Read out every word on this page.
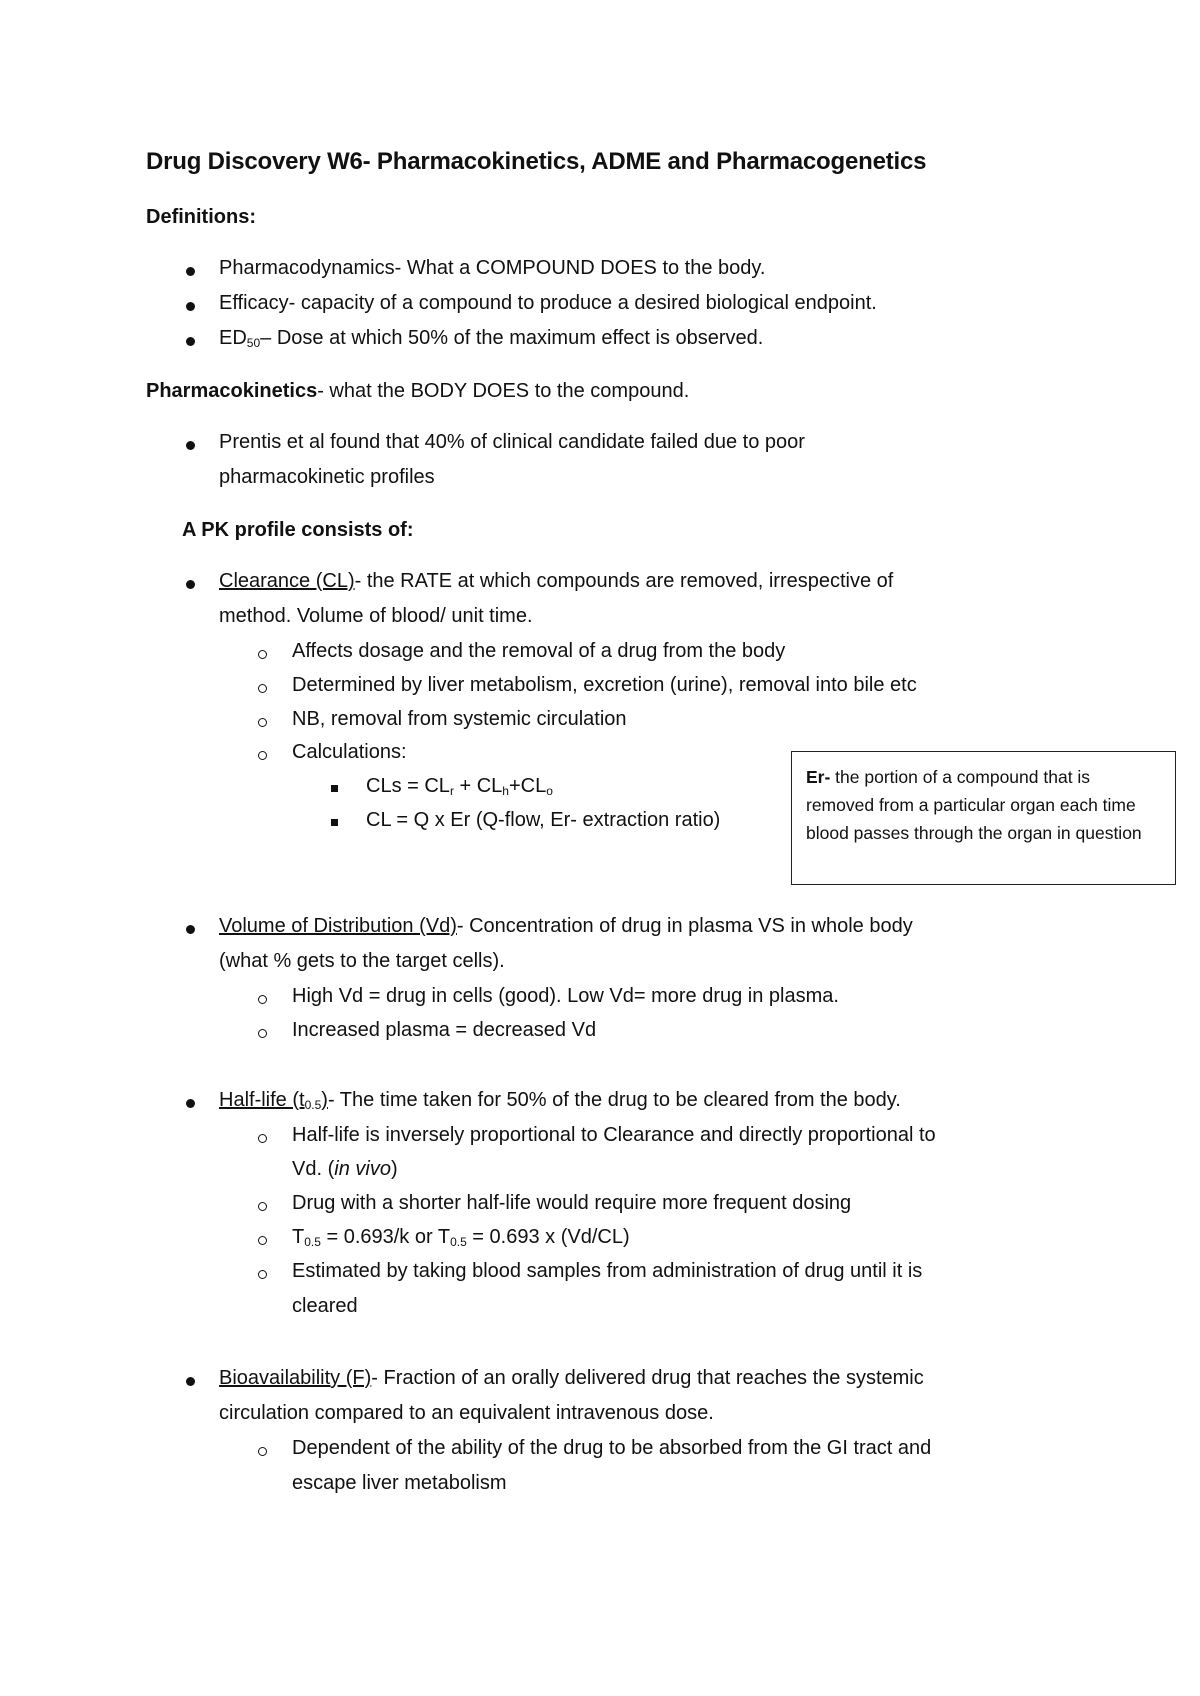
Drug Discovery W6- Pharmacokinetics, ADME and Pharmacogenetics
Definitions:
Pharmacodynamics- What a COMPOUND DOES to the body.
Efficacy- capacity of a compound to produce a desired biological endpoint.
$ED_{50}-$ Dose at which 50% of the maximum effect is observed.
Pharmacokinetics- what the BODY DOES to the compound.
Prentis et al found that 40% of clinical candidate failed due to poor
pharmacokinetic profiles
A PK profile consists of:
Clearance (CL)- the RATE at which compounds are removed, irrespective of
method. Volume of blood/ unit time.
Affects dosage and the removal of a drug from the body
Determined by liver metabolism, excretion (urine), removal into bile etc
NB, removal from systemic circulation
Calculations:
CLs = $CL_r + CL_h+CL_o$
CL = Q x Er (Q-flow, Er- extraction ratio)
Er- the portion of a compound that is removed from a particular organ each time blood passes through the organ in question
Volume of Distribution (Vd)- Concentration of drug in plasma VS in whole body
(what % gets to the target cells).
High Vd = drug in cells (good). Low Vd= more drug in plasma.
Increased plasma = decreased Vd
Half-life $(t_{0.5})-$ The time taken for 50% of the drug to be cleared from the body.
Half-life is inversely proportional to Clearance and directly proportional to
Vd. (in vivo)
Drug with a shorter half-life would require more frequent dosing
$T_{0.5} = 0.693/k$ or $T_{0.5} = 0.693$ x (Vd/CL)
Estimated by taking blood samples from administration of drug until it is
cleared
Bioavailability (F)- Fraction of an orally delivered drug that reaches the systemic
circulation compared to an equivalent intravenous dose.
Dependent of the ability of the drug to be absorbed from the GI tract and
escape liver metabolism
